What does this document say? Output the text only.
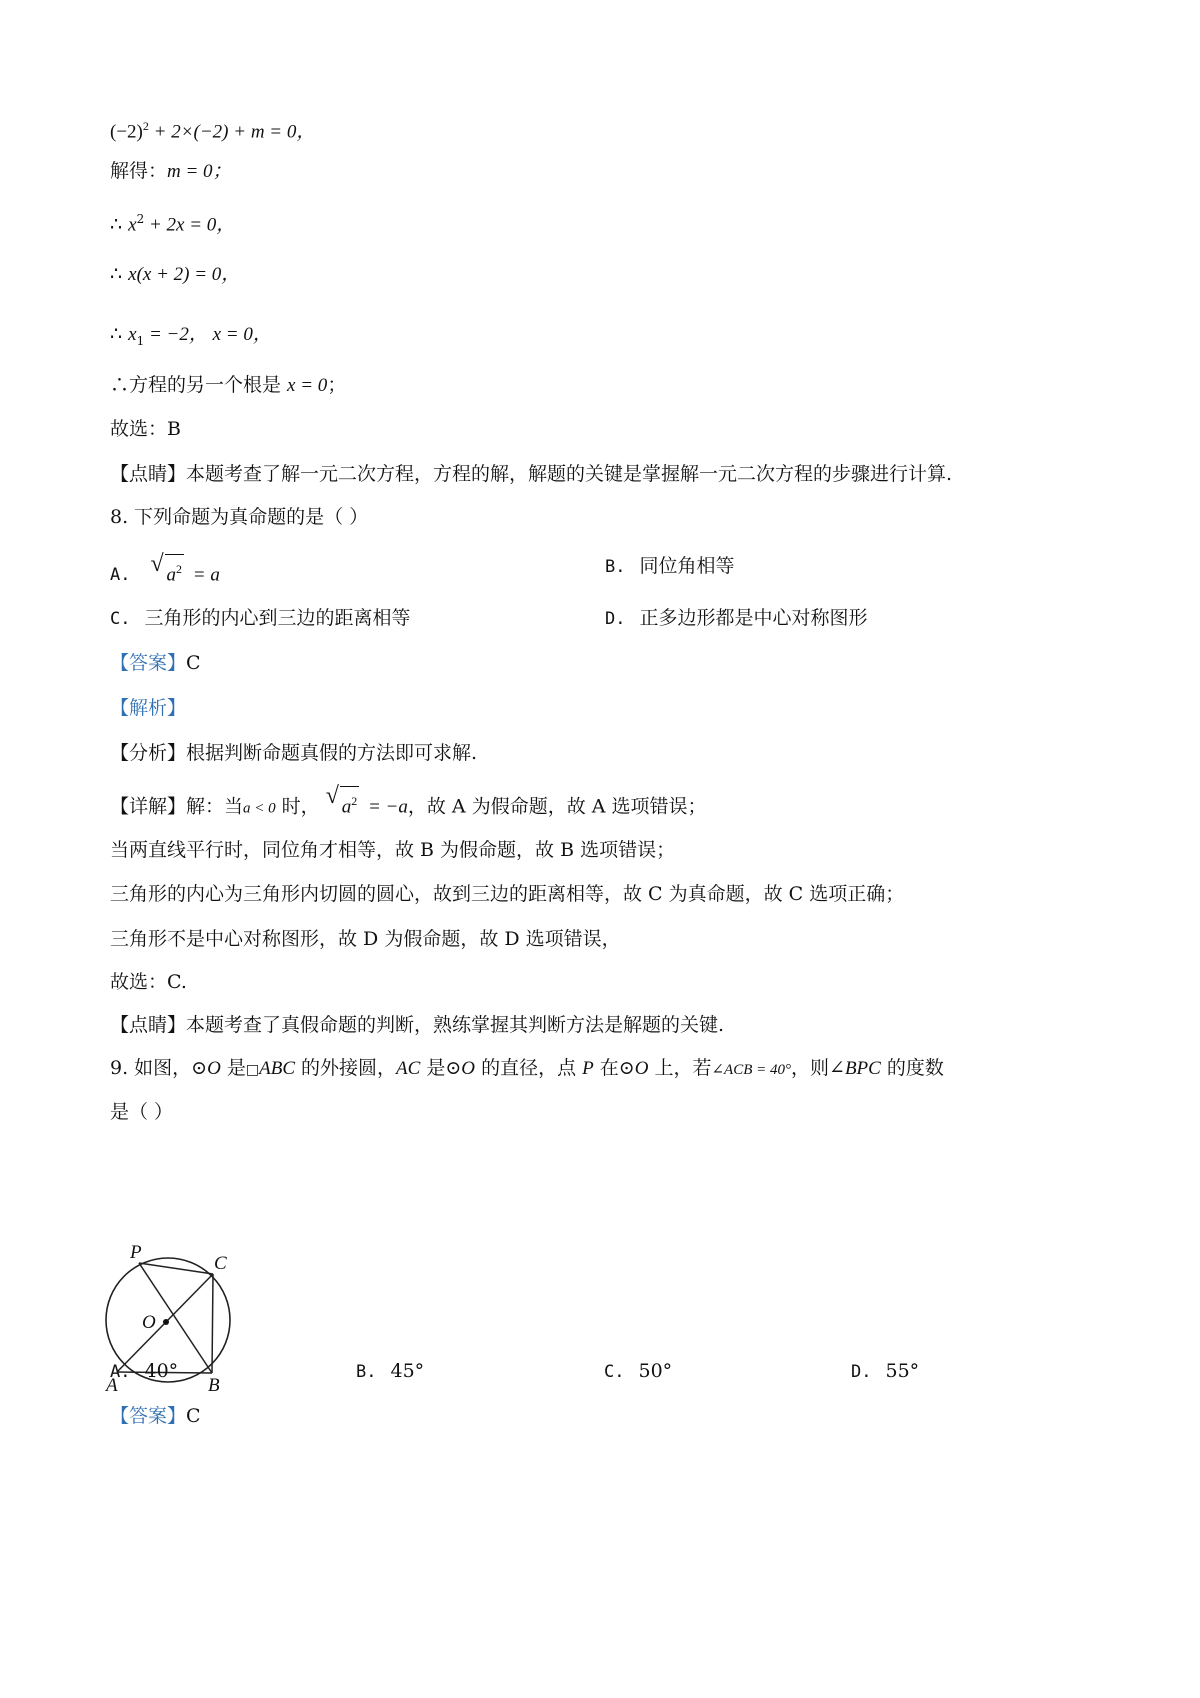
$(-2)^2 + 2\times(-2) + m = 0$，
解得：m = 0；
∴ $x^2 + 2x = 0$，
∴ x(x + 2) = 0，
∴ $x_1 = -2$， x = 0，
∴方程的另一个根是 x = 0；
故选：B
【点睛】本题考查了解一元二次方程，方程的解，解题的关键是掌握解一元二次方程的步骤进行计算.
8. 下列命题为真命题的是（ ）
A. √ $a^2 = a$	B. 同位角相等
C. 三角形的内心到三边的距离相等	D. 正多边形都是中心对称图形
【答案】C
【解析】
【分析】根据判断命题真假的方法即可求解.
【详解】解：当a < 0 时， √ $a^2 = -a$，故 A 为假命题，故 A 选项错误；
当两直线平行时，同位角才相等，故 B 为假命题，故 B 选项错误；
三角形的内心为三角形内切圆的圆心，故到三边的距离相等，故 C 为真命题，故 C 选项正确；
三角形不是中心对称图形，故 D 为假命题，故 D 选项错误，
故选：C.
【点睛】本题考查了真假命题的判断，熟练掌握其判断方法是解题的关键.
9. 如图，⊙O 是□ABC 的外接圆，AC 是⊙O 的直径，点 P 在⊙O 上，若∠ACB = 40°，则∠BPC 的度数
是（ ）
P
C
O
A	B
A. 40°	B. 45°	C. 50°	D. 55°
【答案】C
